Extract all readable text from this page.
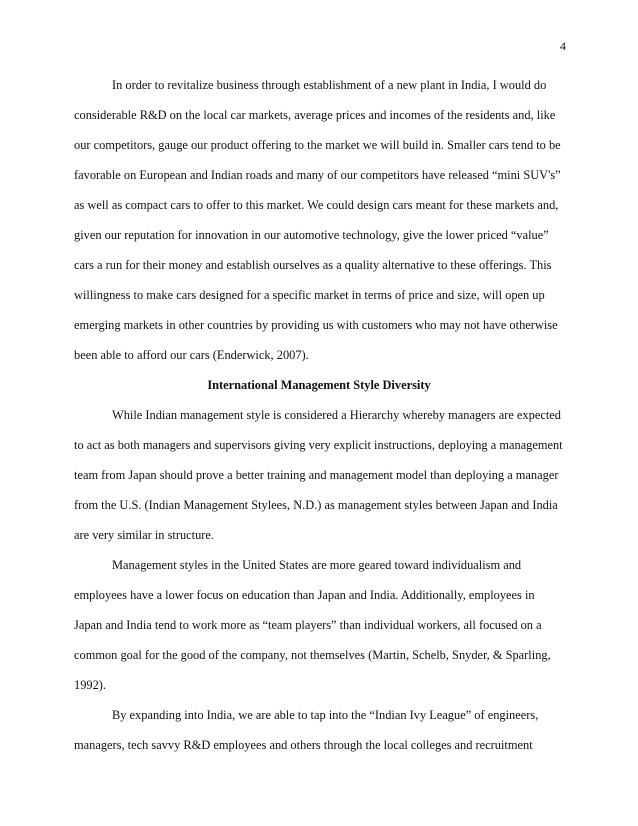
4

In order to revitalize business through establishment of a new plant in India, I would do considerable R&D on the local car markets, average prices and incomes of the residents and, like our competitors, gauge our product offering to the market we will build in. Smaller cars tend to be favorable on European and Indian roads and many of our competitors have released “mini SUV's” as well as compact cars to offer to this market. We could design cars meant for these markets and, given our reputation for innovation in our automotive technology, give the lower priced “value” cars a run for their money and establish ourselves as a quality alternative to these offerings. This willingness to make cars designed for a specific market in terms of price and size, will open up emerging markets in other countries by providing us with customers who may not have otherwise been able to afford our cars (Enderwick, 2007).

International Management Style Diversity

While Indian management style is considered a Hierarchy whereby managers are expected to act as both managers and supervisors giving very explicit instructions, deploying a management team from Japan should prove a better training and management model than deploying a manager from the U.S. (Indian Management Stylees, N.D.) as management styles between Japan and India are very similar in structure.

Management styles in the United States are more geared toward individualism and employees have a lower focus on education than Japan and India. Additionally, employees in Japan and India tend to work more as “team players” than individual workers, all focused on a common goal for the good of the company, not themselves (Martin, Schelb, Snyder, & Sparling, 1992).

By expanding into India, we are able to tap into the “Indian Ivy League” of engineers, managers, tech savvy R&D employees and others through the local colleges and recruitment
